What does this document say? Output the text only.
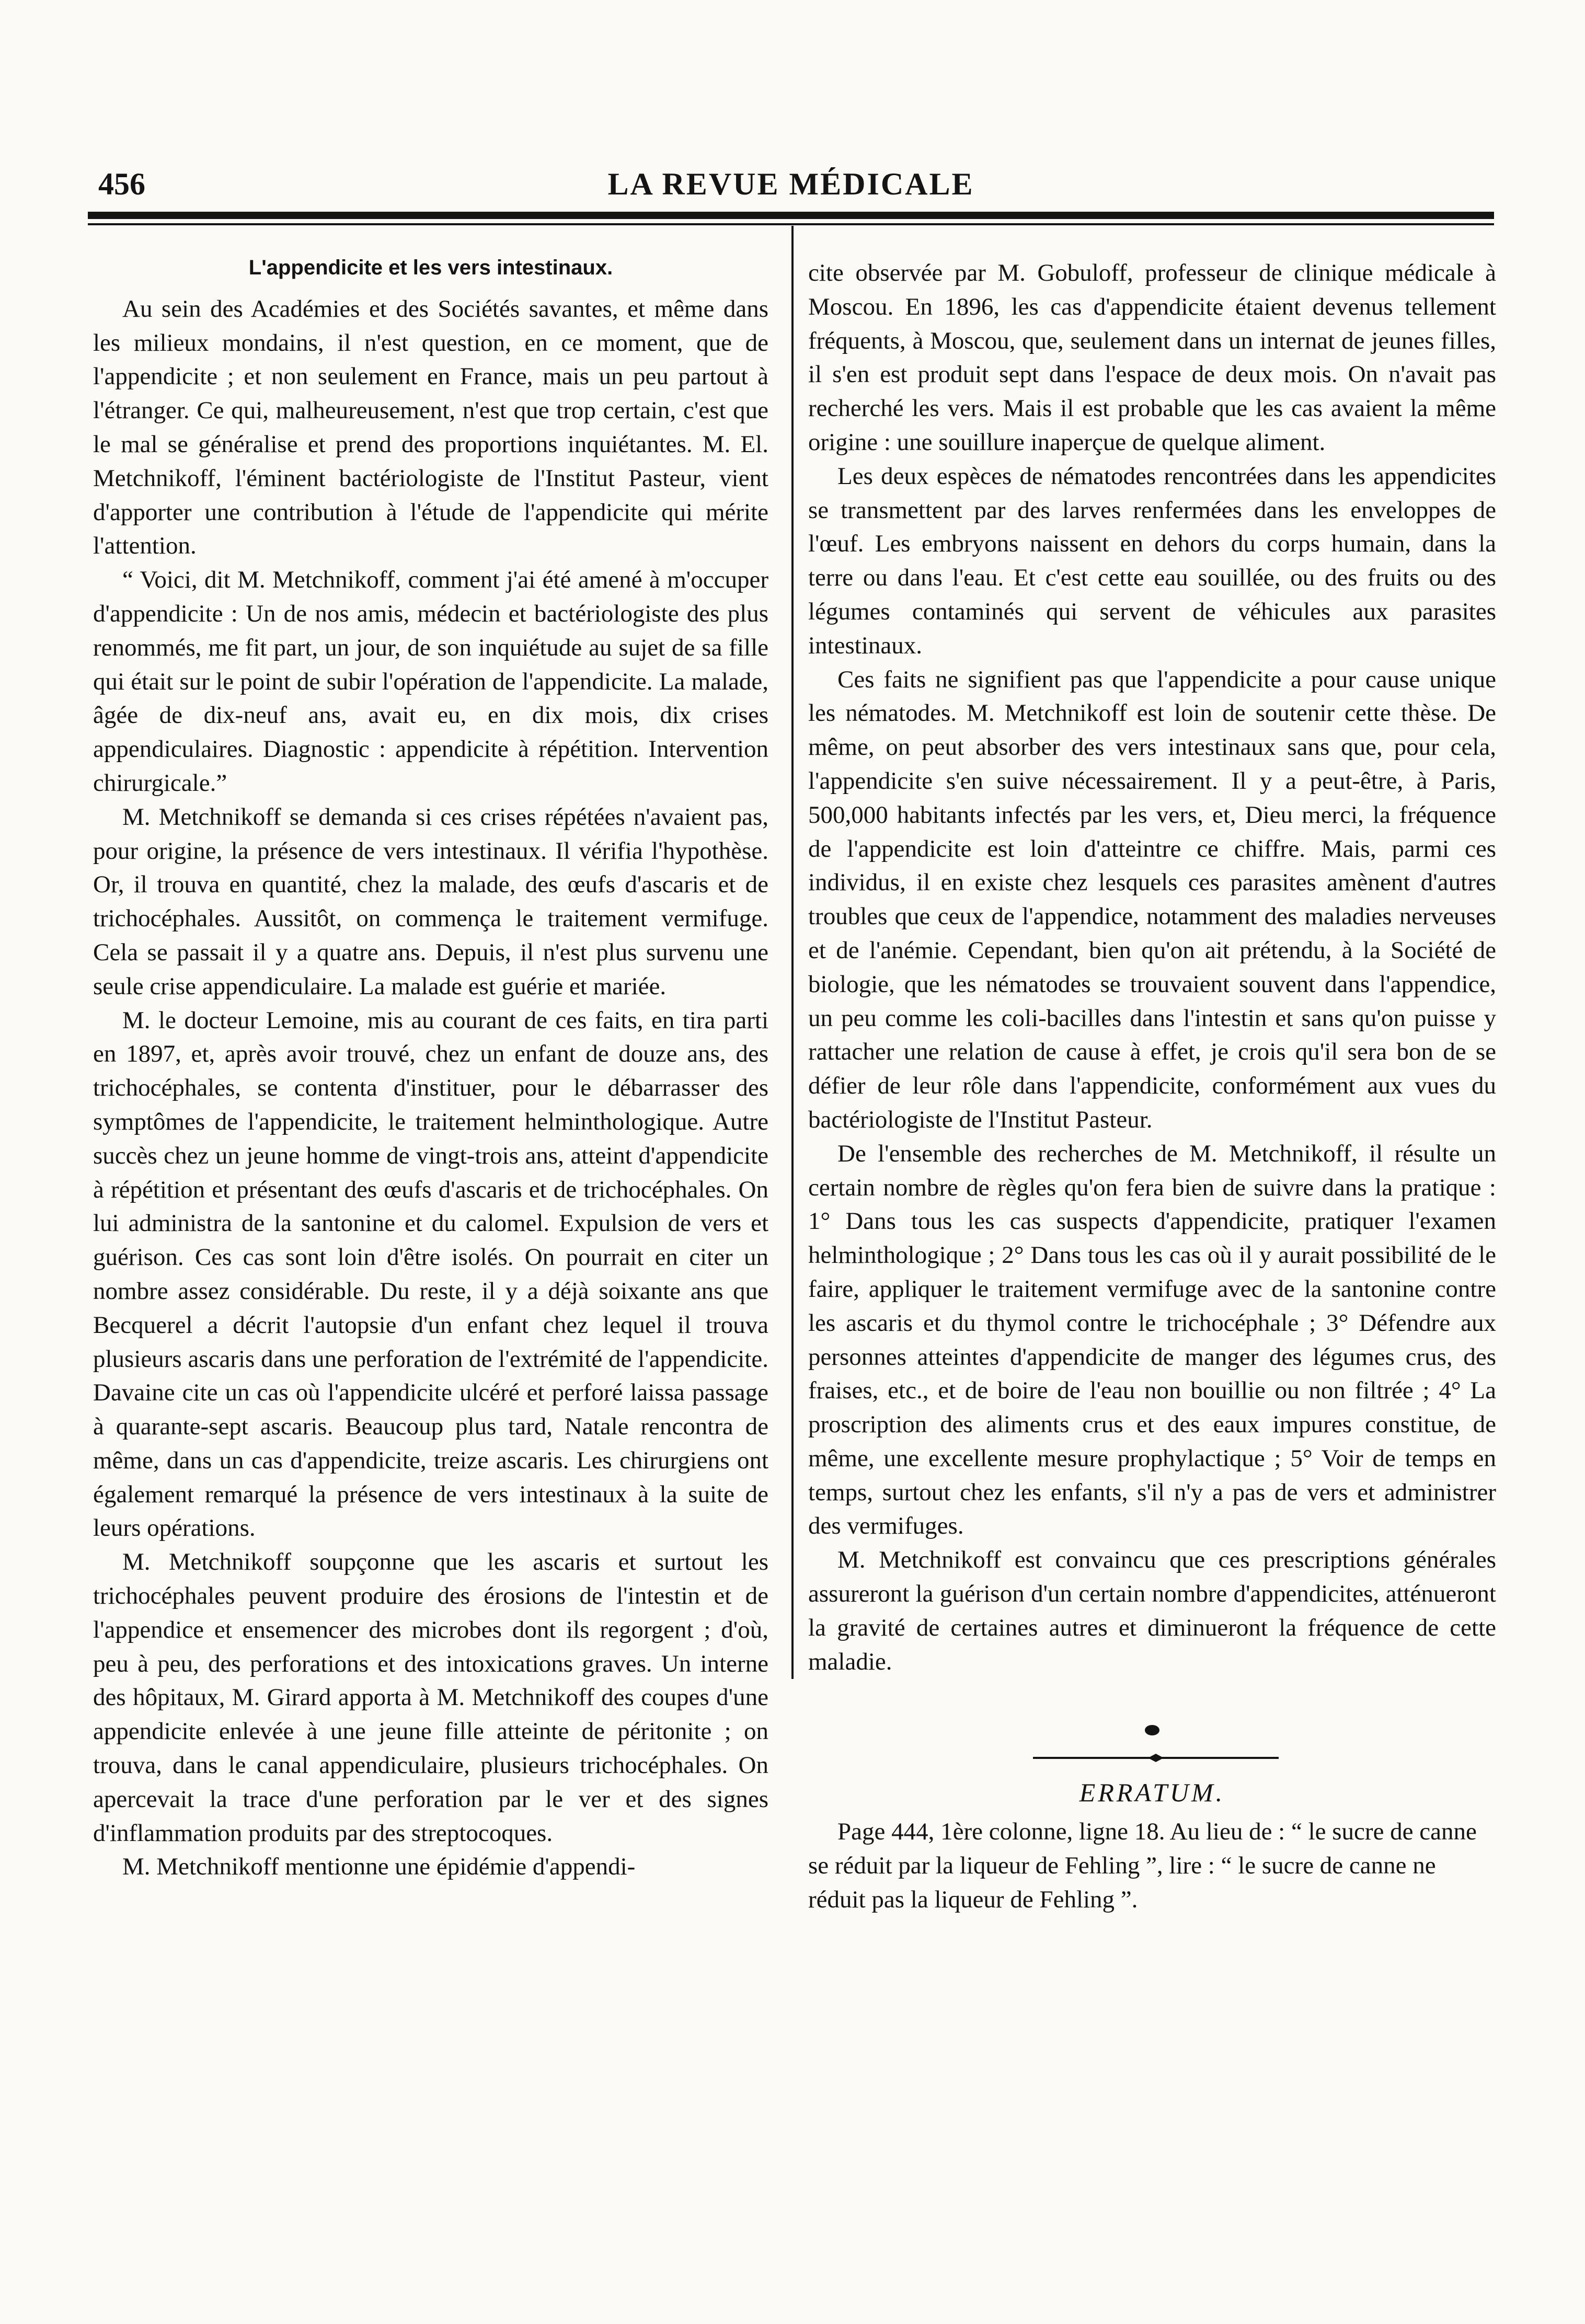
456	LA REVUE MÉDICALE
L'appendicite et les vers intestinaux.

Au sein des Académies et des Sociétés savantes, et même dans les milieux mondains, il n'est question, en ce moment, que de l'appendicite ; et non seulement en France, mais un peu partout à l'étranger. Ce qui, malheureusement, n'est que trop certain, c'est que le mal se généralise et prend des proportions inquiétantes. M. El. Metchnikoff, l'éminent bactériologiste de l'Institut Pasteur, vient d'apporter une contribution à l'étude de l'appendicite qui mérite l'attention.

“ Voici, dit M. Metchnikoff, comment j'ai été amené à m'occuper d'appendicite : Un de nos amis, médecin et bactériologiste des plus renommés, me fit part, un jour, de son inquiétude au sujet de sa fille qui était sur le point de subir l'opération de l'appendicite. La malade, âgée de dix-neuf ans, avait eu, en dix mois, dix crises appendiculaires. Diagnostic : appendicite à répétition. Intervention chirurgicale.”

M. Metchnikoff se demanda si ces crises répétées n'avaient pas, pour origine, la présence de vers intestinaux. Il vérifia l'hypothèse. Or, il trouva en quantité, chez la malade, des œufs d'ascaris et de trichocéphales. Aussitôt, on commença le traitement vermifuge. Cela se passait il y a quatre ans. Depuis, il n'est plus survenu une seule crise appendiculaire. La malade est guérie et mariée.

M. le docteur Lemoine, mis au courant de ces faits, en tira parti en 1897, et, après avoir trouvé, chez un enfant de douze ans, des trichocéphales, se contenta d'instituer, pour le débarrasser des symptômes de l'appendicite, le traitement helminthologique. Autre succès chez un jeune homme de vingt-trois ans, atteint d'appendicite à répétition et présentant des œufs d'ascaris et de trichocéphales. On lui administra de la santonine et du calomel. Expulsion de vers et guérison. Ces cas sont loin d'être isolés. On pourrait en citer un nombre assez considérable. Du reste, il y a déjà soixante ans que Becquerel a décrit l'autopsie d'un enfant chez lequel il trouva plusieurs ascaris dans une perforation de l'extrémité de l'appendicite. Davaine cite un cas où l'appendicite ulcéré et perforé laissa passage à quarante-sept ascaris. Beaucoup plus tard, Natale rencontra de même, dans un cas d'appendicite, treize ascaris. Les chirurgiens ont également remarqué la présence de vers intestinaux à la suite de leurs opérations.

M. Metchnikoff soupçonne que les ascaris et surtout les trichocéphales peuvent produire des érosions de l'intestin et de l'appendice et ensemencer des microbes dont ils regorgent ; d'où, peu à peu, des perforations et des intoxications graves. Un interne des hôpitaux, M. Girard apporta à M. Metchnikoff des coupes d'une appendicite enlevée à une jeune fille atteinte de péritonite ; on trouva, dans le canal appendiculaire, plusieurs trichocéphales. On apercevait la trace d'une perforation par le ver et des signes d'inflammation produits par des streptocoques.

M. Metchnikoff mentionne une épidémie d'appendi-

cite observée par M. Gobuloff, professeur de clinique médicale à Moscou. En 1896, les cas d'appendicite étaient devenus tellement fréquents, à Moscou, que, seulement dans un internat de jeunes filles, il s'en est produit sept dans l'espace de deux mois. On n'avait pas recherché les vers. Mais il est probable que les cas avaient la même origine : une souillure inaperçue de quelque aliment.

Les deux espèces de nématodes rencontrées dans les appendicites se transmettent par des larves renfermées dans les enveloppes de l'œuf. Les embryons naissent en dehors du corps humain, dans la terre ou dans l'eau. Et c'est cette eau souillée, ou des fruits ou des légumes contaminés qui servent de véhicules aux parasites intestinaux.

Ces faits ne signifient pas que l'appendicite a pour cause unique les nématodes. M. Metchnikoff est loin de soutenir cette thèse. De même, on peut absorber des vers intestinaux sans que, pour cela, l'appendicite s'en suive nécessairement. Il y a peut-être, à Paris, 500,000 habitants infectés par les vers, et, Dieu merci, la fréquence de l'appendicite est loin d'atteintre ce chiffre. Mais, parmi ces individus, il en existe chez lesquels ces parasites amènent d'autres troubles que ceux de l'appendice, notamment des maladies nerveuses et de l'anémie. Cependant, bien qu'on ait prétendu, à la Société de biologie, que les nématodes se trouvaient souvent dans l'appendice, un peu comme les coli-bacilles dans l'intestin et sans qu'on puisse y rattacher une relation de cause à effet, je crois qu'il sera bon de se défier de leur rôle dans l'appendicite, conformément aux vues du bactériologiste de l'Institut Pasteur.

De l'ensemble des recherches de M. Metchnikoff, il résulte un certain nombre de règles qu'on fera bien de suivre dans la pratique : 1° Dans tous les cas suspects d'appendicite, pratiquer l'examen helminthologique ; 2° Dans tous les cas où il y aurait possibilité de le faire, appliquer le traitement vermifuge avec de la santonine contre les ascaris et du thymol contre le trichocéphale ; 3° Défendre aux personnes atteintes d'appendicite de manger des légumes crus, des fraises, etc., et de boire de l'eau non bouillie ou non filtrée ; 4° La proscription des aliments crus et des eaux impures constitue, de même, une excellente mesure prophylactique ; 5° Voir de temps en temps, surtout chez les enfants, s'il n'y a pas de vers et administrer des vermifuges.

M. Metchnikoff est convaincu que ces prescriptions générales assureront la guérison d'un certain nombre d'appendicites, atténueront la gravité de certaines autres et diminueront la fréquence de cette maladie.

ERRATUM.

Page 444, 1ère colonne, ligne 18. Au lieu de : “ le sucre de canne se réduit par la liqueur de Fehling ”, lire : “ le sucre de canne ne réduit pas la liqueur de Fehling ”.
